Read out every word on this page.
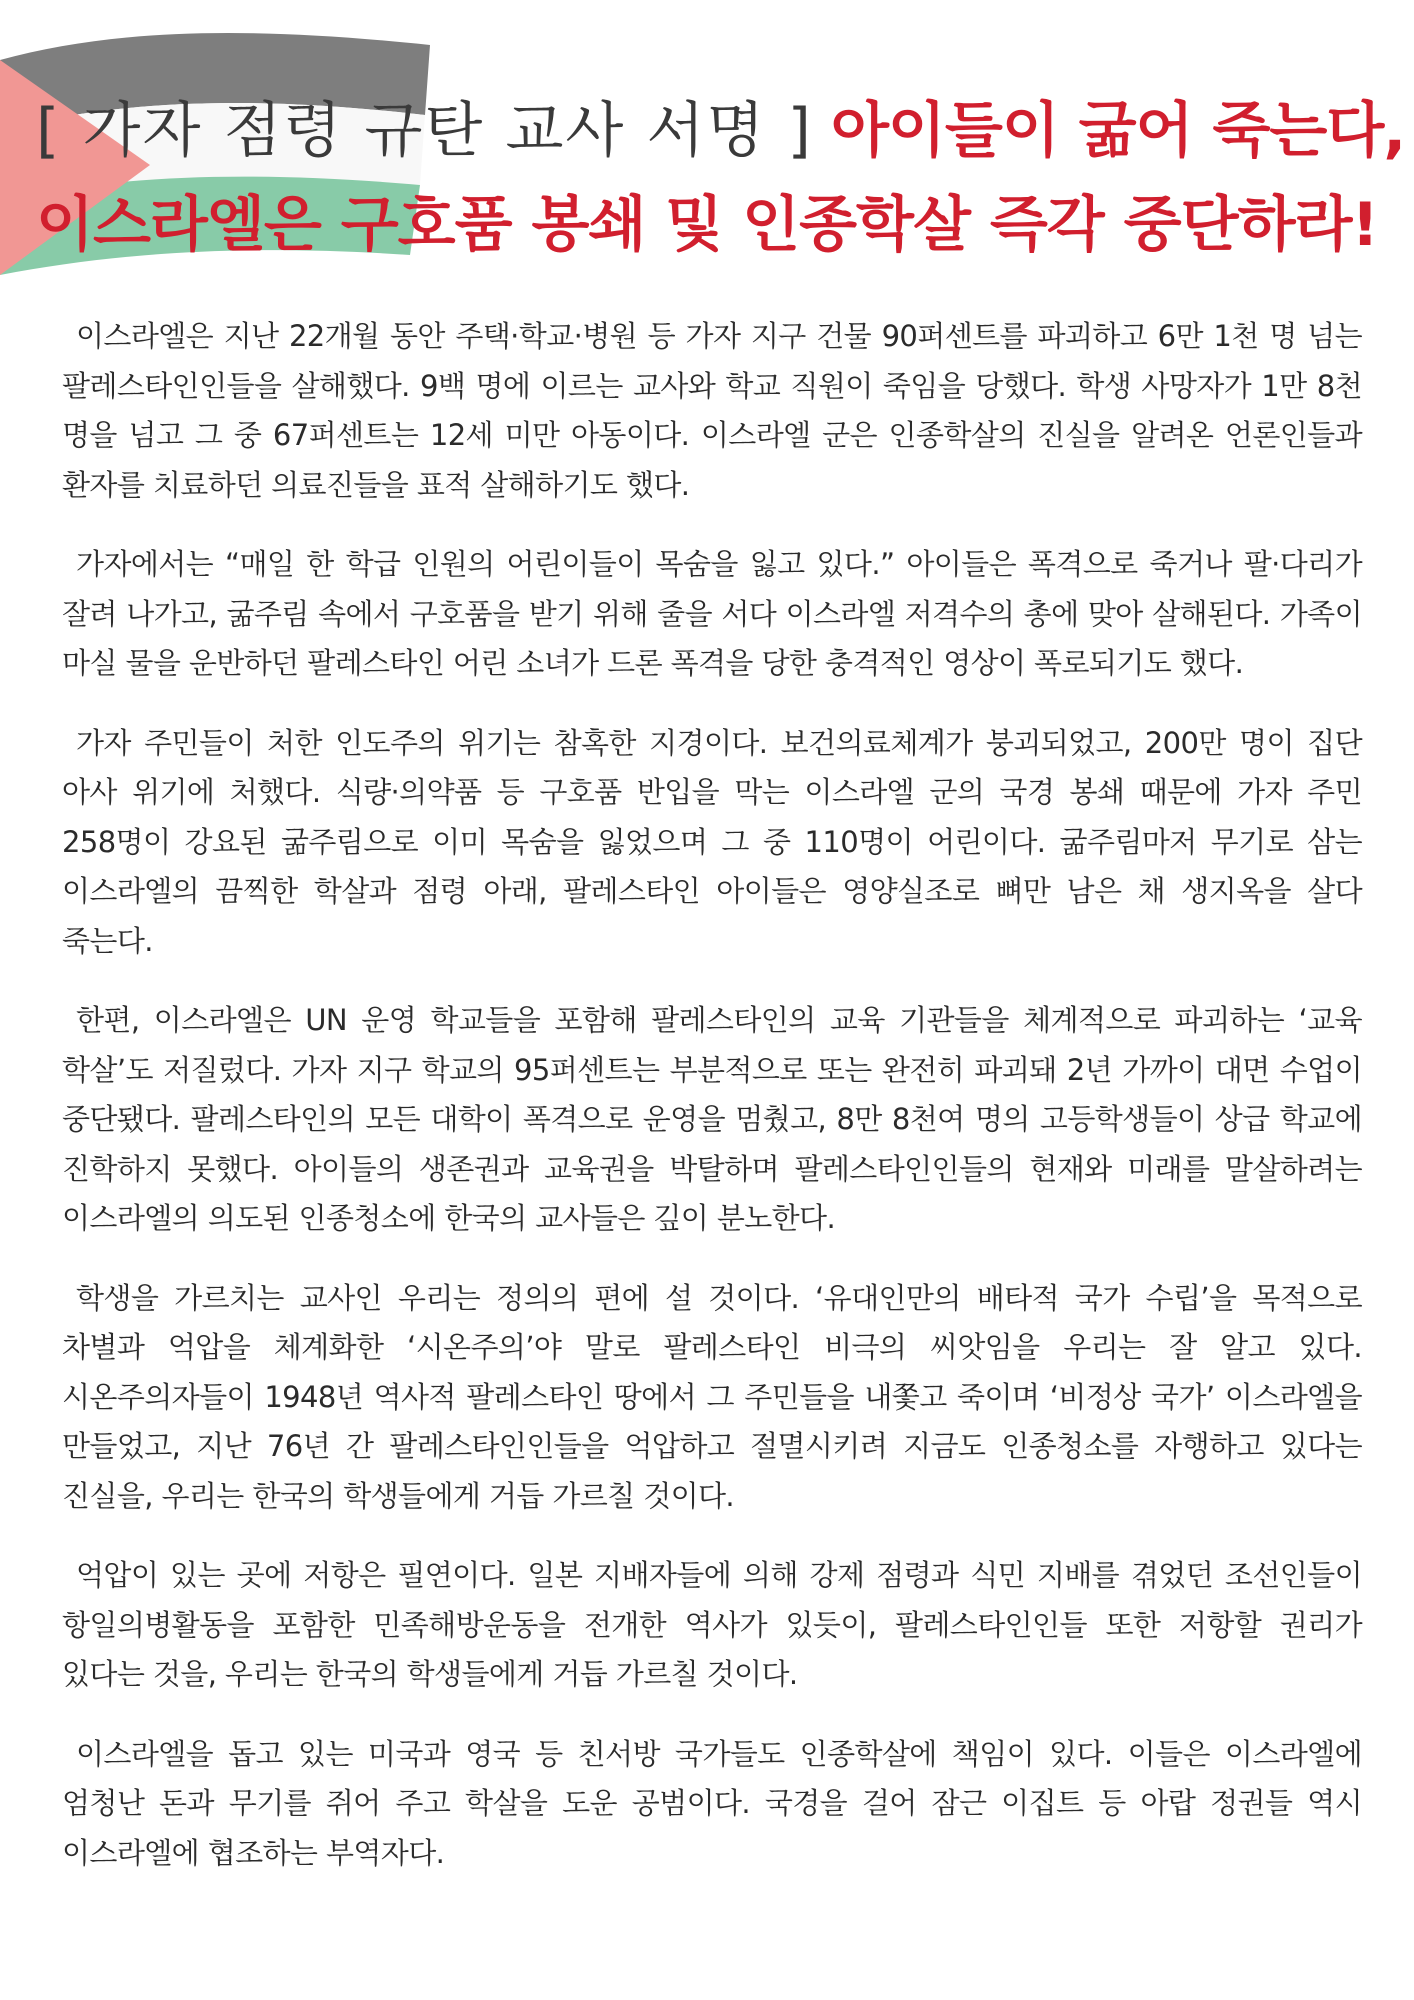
[ 가자 점령 규탄 교사 서명 ] 아이들이 굶어 죽는다,
이스라엘은 구호품 봉쇄 및 인종학살 즉각 중단하라!

이스라엘은 지난 22개월 동안 주택·학교·병원 등 가자 지구 건물 90퍼센트를 파괴하고 6만 1천 명 넘는 팔레스타인인들을 살해했다. 9백 명에 이르는 교사와 학교 직원이 죽임을 당했다. 학생 사망자가 1만 8천 명을 넘고 그 중 67퍼센트는 12세 미만 아동이다. 이스라엘 군은 인종학살의 진실을 알려온 언론인들과 환자를 치료하던 의료진들을 표적 살해하기도 했다.

가자에서는 “매일 한 학급 인원의 어린이들이 목숨을 잃고 있다.” 아이들은 폭격으로 죽거나 팔·다리가 잘려 나가고, 굶주림 속에서 구호품을 받기 위해 줄을 서다 이스라엘 저격수의 총에 맞아 살해된다. 가족이 마실 물을 운반하던 팔레스타인 어린 소녀가 드론 폭격을 당한 충격적인 영상이 폭로되기도 했다.

가자 주민들이 처한 인도주의 위기는 참혹한 지경이다. 보건의료체계가 붕괴되었고, 200만 명이 집단 아사 위기에 처했다. 식량·의약품 등 구호품 반입을 막는 이스라엘 군의 국경 봉쇄 때문에 가자 주민 258명이 강요된 굶주림으로 이미 목숨을 잃었으며 그 중 110명이 어린이다. 굶주림마저 무기로 삼는 이스라엘의 끔찍한 학살과 점령 아래, 팔레스타인 아이들은 영양실조로 뼈만 남은 채 생지옥을 살다 죽는다.

한편, 이스라엘은 UN 운영 학교들을 포함해 팔레스타인의 교육 기관들을 체계적으로 파괴하는 ‘교육 학살’도 저질렀다. 가자 지구 학교의 95퍼센트는 부분적으로 또는 완전히 파괴돼 2년 가까이 대면 수업이 중단됐다. 팔레스타인의 모든 대학이 폭격으로 운영을 멈췄고, 8만 8천여 명의 고등학생들이 상급 학교에 진학하지 못했다. 아이들의 생존권과 교육권을 박탈하며 팔레스타인인들의 현재와 미래를 말살하려는 이스라엘의 의도된 인종청소에 한국의 교사들은 깊이 분노한다.

학생을 가르치는 교사인 우리는 정의의 편에 설 것이다. ‘유대인만의 배타적 국가 수립’을 목적으로 차별과 억압을 체계화한 ‘시온주의’야 말로 팔레스타인 비극의 씨앗임을 우리는 잘 알고 있다. 시온주의자들이 1948년 역사적 팔레스타인 땅에서 그 주민들을 내쫓고 죽이며 ‘비정상 국가’ 이스라엘을 만들었고, 지난 76년 간 팔레스타인인들을 억압하고 절멸시키려 지금도 인종청소를 자행하고 있다는 진실을, 우리는 한국의 학생들에게 거듭 가르칠 것이다.

억압이 있는 곳에 저항은 필연이다. 일본 지배자들에 의해 강제 점령과 식민 지배를 겪었던 조선인들이 항일의병활동을 포함한 민족해방운동을 전개한 역사가 있듯이, 팔레스타인인들 또한 저항할 권리가 있다는 것을, 우리는 한국의 학생들에게 거듭 가르칠 것이다.

이스라엘을 돕고 있는 미국과 영국 등 친서방 국가들도 인종학살에 책임이 있다. 이들은 이스라엘에 엄청난 돈과 무기를 쥐어 주고 학살을 도운 공범이다. 국경을 걸어 잠근 이집트 등 아랍 정권들 역시 이스라엘에 협조하는 부역자다.
